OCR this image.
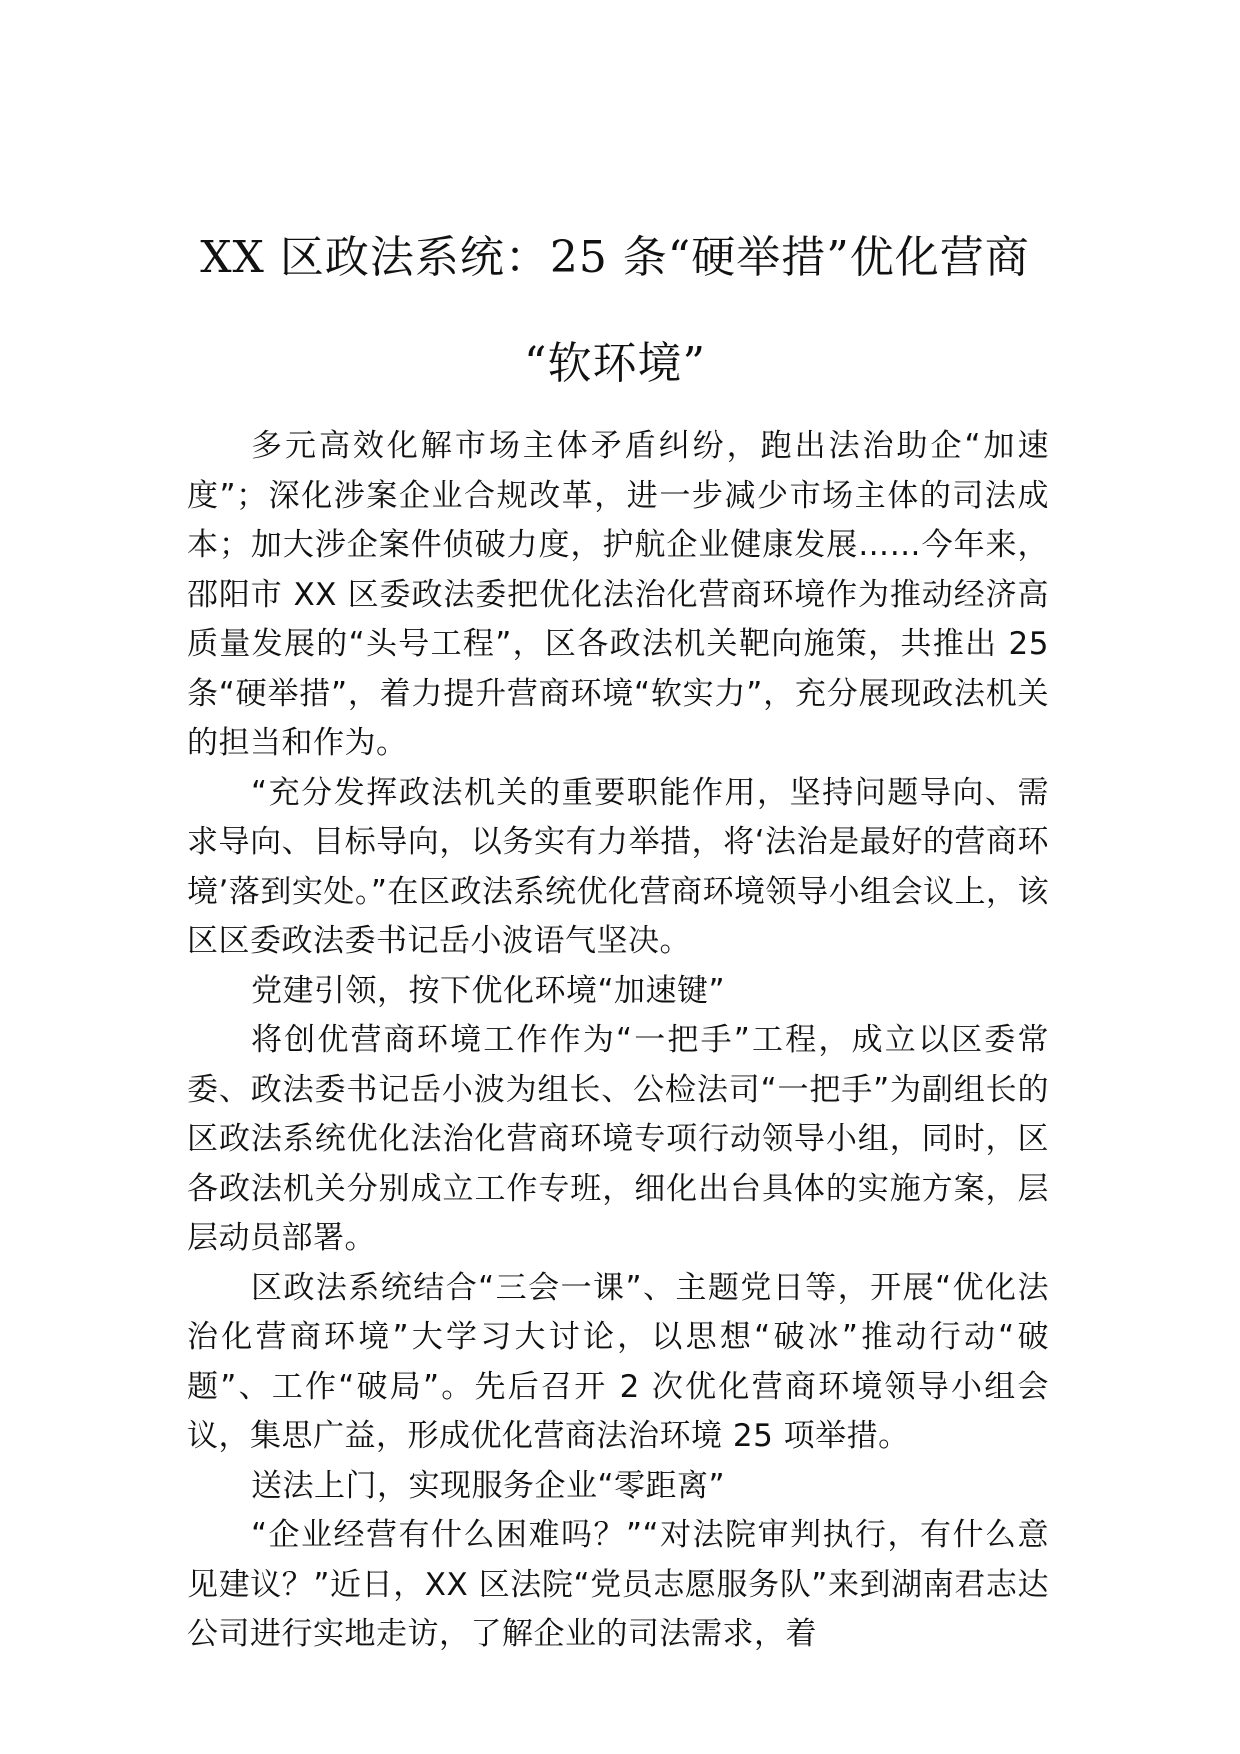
XX 区政法系统：25 条“硬举措”优化营商
“软环境”

多元高效化解市场主体矛盾纠纷，跑出法治助企“加速度”；深化涉案企业合规改革，进一步减少市场主体的司法成本；加大涉企案件侦破力度，护航企业健康发展……今年来，邵阳市 XX 区委政法委把优化法治化营商环境作为推动经济高质量发展的“头号工程”，区各政法机关靶向施策，共推出 25 条“硬举措”，着力提升营商环境“软实力”，充分展现政法机关的担当和作为。

“充分发挥政法机关的重要职能作用，坚持问题导向、需求导向、目标导向，以务实有力举措，将‘法治是最好的营商环境’落到实处。”在区政法系统优化营商环境领导小组会议上，该区区委政法委书记岳小波语气坚决。

党建引领，按下优化环境“加速键”

将创优营商环境工作作为“一把手”工程，成立以区委常委、政法委书记岳小波为组长、公检法司“一把手”为副组长的区政法系统优化法治化营商环境专项行动领导小组，同时，区各政法机关分别成立工作专班，细化出台具体的实施方案，层层动员部署。

区政法系统结合“三会一课”、主题党日等，开展“优化法治化营商环境”大学习大讨论，以思想“破冰”推动行动“破题”、工作“破局”。先后召开 2 次优化营商环境领导小组会议，集思广益，形成优化营商法治环境 25 项举措。

送法上门，实现服务企业“零距离”

“企业经营有什么困难吗？”“对法院审判执行，有什么意见建议？”近日，XX 区法院“党员志愿服务队”来到湖南君志达公司进行实地走访，了解企业的司法需求，着
